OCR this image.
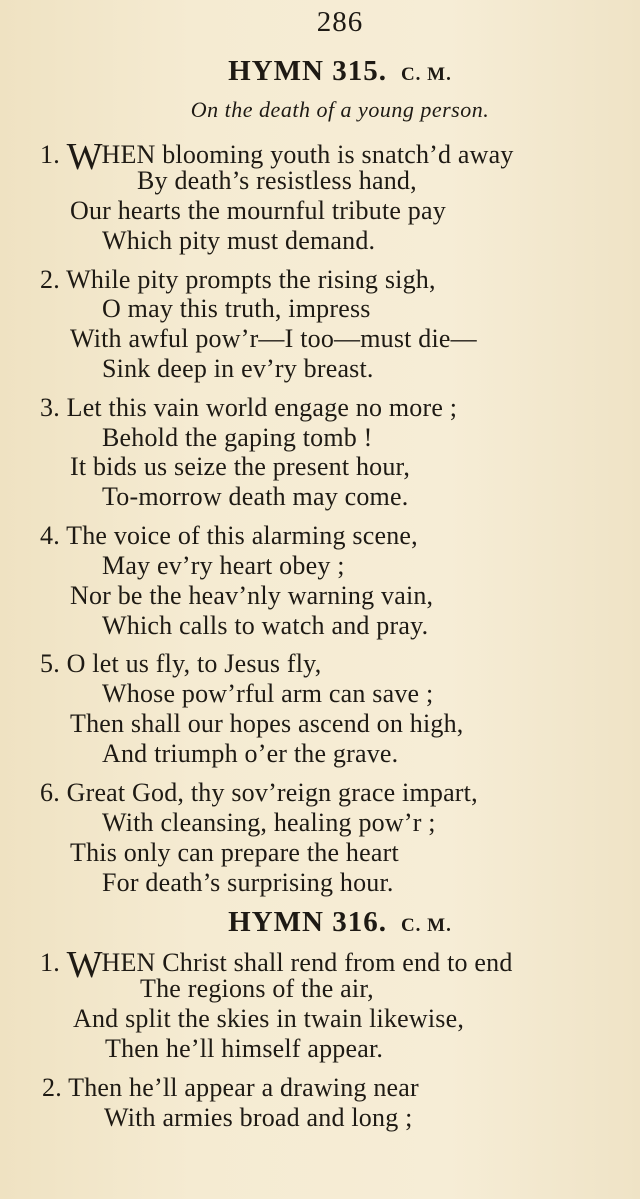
286
HYMN 315. C. M.
On the death of a young person.
1. WHEN blooming youth is snatch’d away
By death’s resistless hand,
Our hearts the mournful tribute pay
Which pity must demand.
2. While pity prompts the rising sigh,
O may this truth, impress
With awful pow’r—I too—must die—
Sink deep in ev’ry breast.
3. Let this vain world engage no more ;
Behold the gaping tomb !
It bids us seize the present hour,
To-morrow death may come.
4. The voice of this alarming scene,
May ev’ry heart obey ;
Nor be the heav’nly warning vain,
Which calls to watch and pray.
5. O let us fly, to Jesus fly,
Whose pow’rful arm can save ;
Then shall our hopes ascend on high,
And triumph o’er the grave.
6. Great God, thy sov’reign grace impart,
With cleansing, healing pow’r ;
This only can prepare the heart
For death’s surprising hour.
HYMN 316. C. M.
1. WHEN Christ shall rend from end to end
The regions of the air,
And split the skies in twain likewise,
Then he’ll himself appear.
2. Then he’ll appear a drawing near
With armies broad and long ;
